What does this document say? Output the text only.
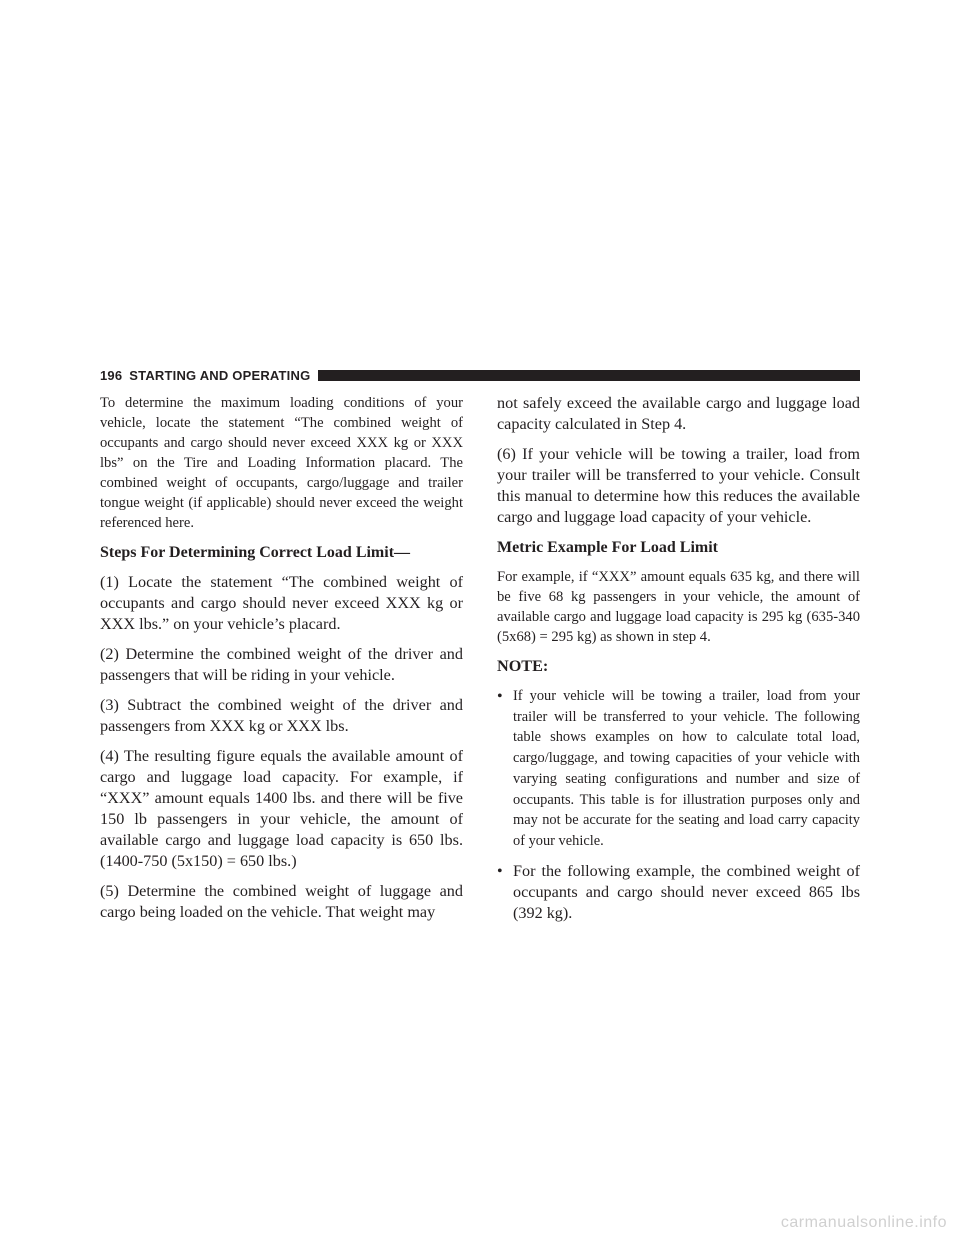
196 STARTING AND OPERATING

To determine the maximum loading conditions of your vehicle, locate the statement “The combined weight of occupants and cargo should never exceed XXX kg or XXX lbs” on the Tire and Loading Information placard. The combined weight of occupants, cargo/luggage and trailer tongue weight (if applicable) should never exceed the weight referenced here.

Steps For Determining Correct Load Limit—

(1) Locate the statement “The combined weight of occupants and cargo should never exceed XXX kg or XXX lbs.” on your vehicle’s placard.

(2) Determine the combined weight of the driver and passengers that will be riding in your vehicle.

(3) Subtract the combined weight of the driver and passengers from XXX kg or XXX lbs.

(4) The resulting figure equals the available amount of cargo and luggage load capacity. For example, if “XXX” amount equals 1400 lbs. and there will be five 150 lb passengers in your vehicle, the amount of available cargo and luggage load capacity is 650 lbs. (1400-750 (5x150) = 650 lbs.)

(5) Determine the combined weight of luggage and cargo being loaded on the vehicle. That weight may

not safely exceed the available cargo and luggage load capacity calculated in Step 4.

(6) If your vehicle will be towing a trailer, load from your trailer will be transferred to your vehicle. Consult this manual to determine how this reduces the available cargo and luggage load capacity of your vehicle.

Metric Example For Load Limit

For example, if “XXX” amount equals 635 kg, and there will be five 68 kg passengers in your vehicle, the amount of available cargo and luggage load capacity is 295 kg (635-340 (5x68) = 295 kg) as shown in step 4.

NOTE:

• If your vehicle will be towing a trailer, load from your trailer will be transferred to your vehicle. The following table shows examples on how to calculate total load, cargo/luggage, and towing capacities of your vehicle with varying seating configurations and number and size of occupants. This table is for illustration purposes only and may not be accurate for the seating and load carry capacity of your vehicle.
• For the following example, the combined weight of occupants and cargo should never exceed 865 lbs (392 kg).
carmanualsonline.info
